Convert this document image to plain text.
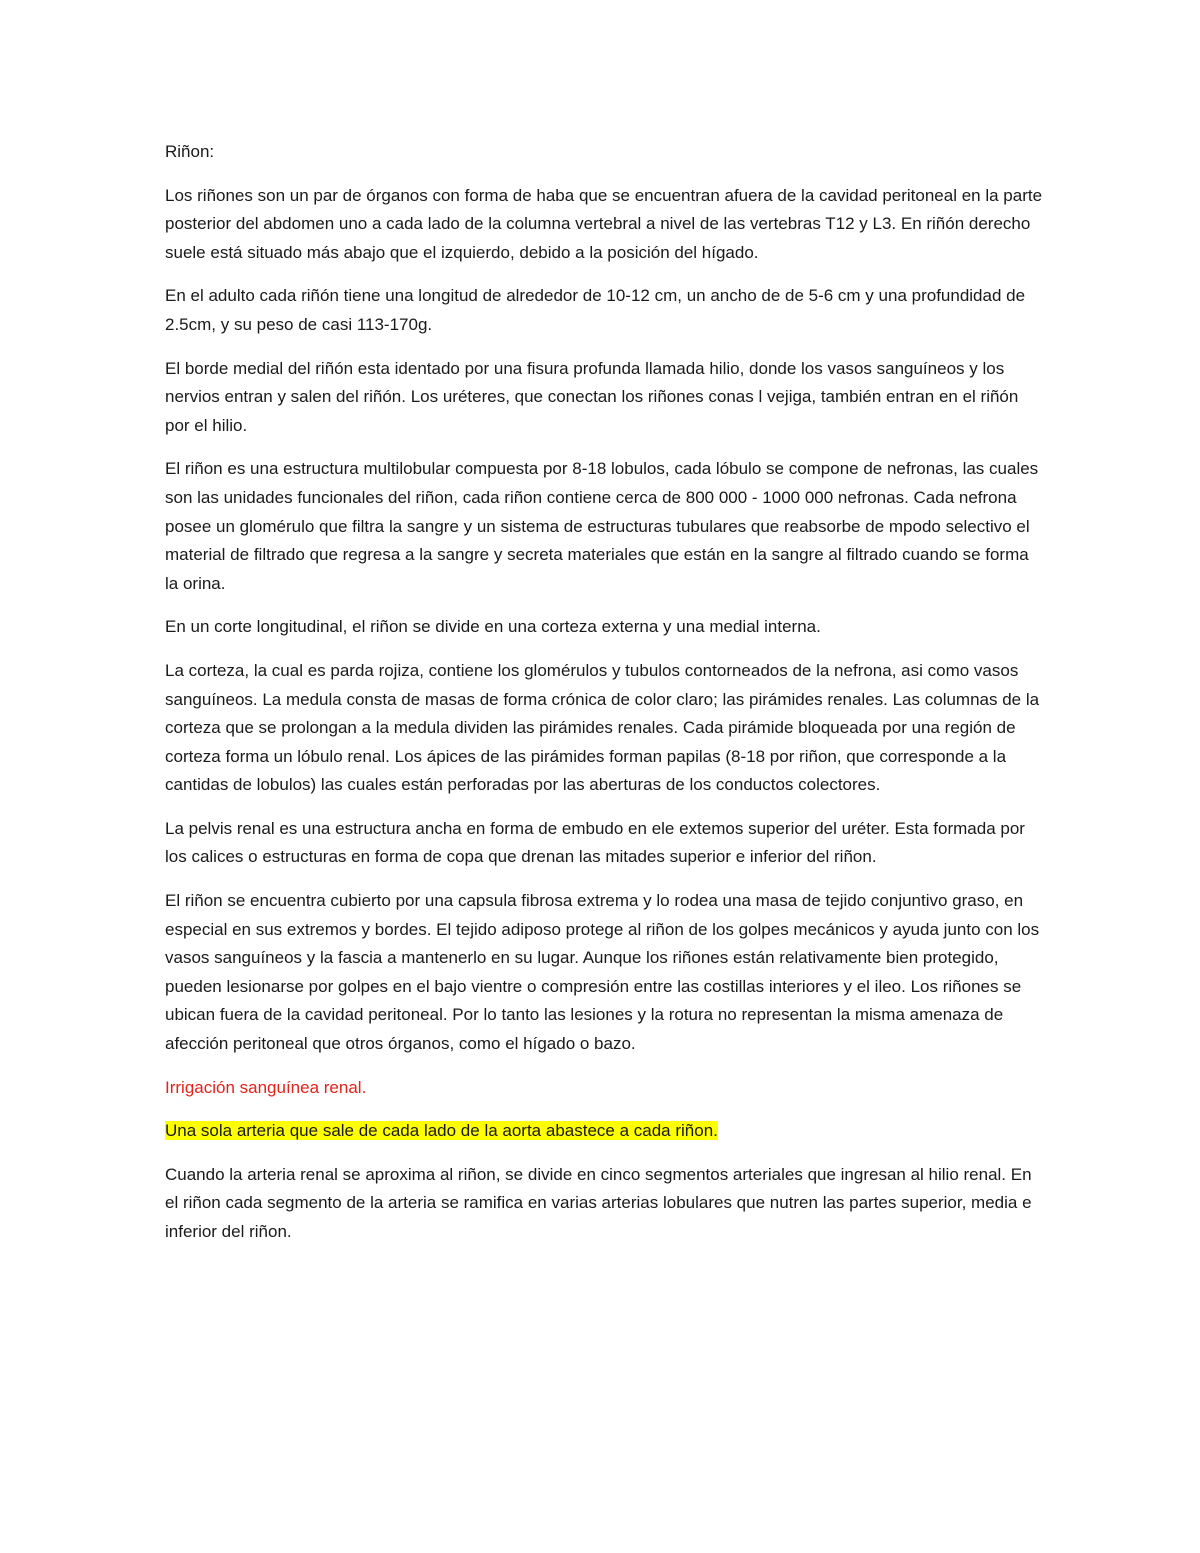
Riñon:

Los riñones son un par de órganos con forma de haba que se encuentran afuera de la cavidad peritoneal en la parte posterior del abdomen uno a cada lado de la columna vertebral a nivel de las vertebras T12 y L3. En riñón derecho suele está situado más abajo que el izquierdo, debido a la posición del hígado.

En el adulto cada riñón tiene una longitud de alrededor de 10-12 cm, un ancho de de 5-6 cm y una profundidad de 2.5cm, y su peso de casi 113-170g.

El borde medial del riñón esta identado por una fisura profunda llamada hilio, donde los vasos sanguíneos y los nervios entran y salen del riñón. Los uréteres, que conectan los riñones conas l vejiga, también entran en el riñón por el hilio.

El riñon es una estructura multilobular compuesta por 8-18 lobulos, cada lóbulo se compone de nefronas, las cuales son las unidades funcionales del riñon, cada riñon contiene cerca de 800 000 - 1000 000 nefronas. Cada nefrona posee un glomérulo que filtra la sangre y un sistema de estructuras tubulares que reabsorbe de mpodo selectivo el material de filtrado que regresa a la sangre y secreta materiales que están en la sangre al filtrado cuando se forma la orina.

En un corte longitudinal, el riñon se divide en una corteza externa y una medial interna.

La corteza, la cual es parda rojiza, contiene los glomérulos y tubulos contorneados de la nefrona, asi como vasos sanguíneos. La medula consta de masas de forma crónica de color claro; las pirámides renales. Las columnas de la corteza que se prolongan a la medula dividen las pirámides renales. Cada pirámide bloqueada por una región de corteza forma un lóbulo renal. Los ápices de las pirámides forman papilas (8-18 por riñon, que corresponde a la cantidas de lobulos) las cuales están perforadas por las aberturas de los conductos colectores.

La pelvis renal es una estructura ancha en forma de embudo en ele extemos superior del uréter. Esta formada por los calices o estructuras en forma de copa que drenan las mitades superior e inferior del riñon.

El riñon se encuentra cubierto por una capsula fibrosa extrema y lo rodea una masa de tejido conjuntivo graso, en especial en sus extremos y bordes. El tejido adiposo protege al riñon de los golpes mecánicos y ayuda junto con los vasos sanguíneos y la fascia a mantenerlo en su lugar. Aunque los riñones están relativamente bien protegido, pueden lesionarse por golpes en el bajo vientre o compresión entre las costillas interiores y el ileo. Los riñones se ubican fuera de la cavidad peritoneal. Por lo tanto las lesiones y la rotura no representan la misma amenaza de afección peritoneal que otros órganos, como el hígado o bazo.

Irrigación sanguínea renal.

Una sola arteria que sale de cada lado de la aorta abastece a cada riñon.

Cuando la arteria renal se aproxima al riñon, se divide en cinco segmentos arteriales que ingresan al hilio renal. En el riñon cada segmento de la arteria se ramifica en varias arterias lobulares que nutren las partes superior, media e inferior del riñon.
